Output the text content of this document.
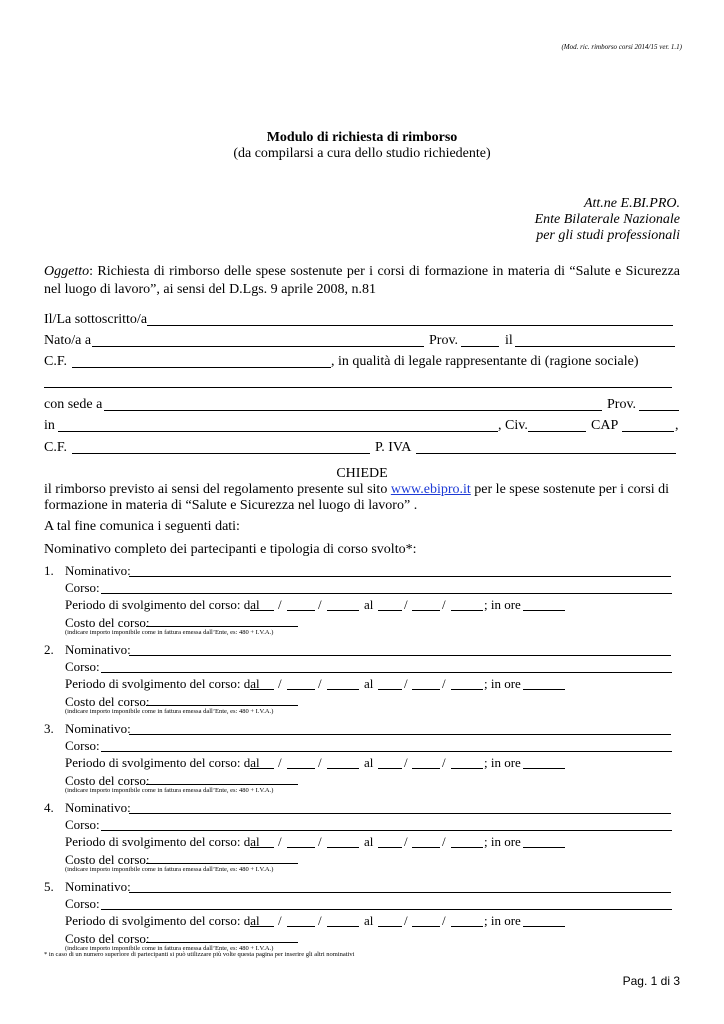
(Mod. ric. rimborso corsi 2014/15 ver. 1.1)
Modulo di richiesta di rimborso
(da compilarsi a cura dello studio richiedente)
Att.ne E.BI.PRO.
Ente Bilaterale Nazionale
per gli studi professionali
Oggetto: Richiesta di rimborso delle spese sostenute per i corsi di formazione in materia di “Salute e Sicurezza nel luogo di lavoro”, ai sensi del D.Lgs. 9 aprile 2008, n.81
Il/La sottoscritto/a
Nato/a a	Prov.	il
C.F.	, in qualità di legale rappresentante di (ragione sociale)
con sede a	Prov.
in	, Civ.	CAP	,
C.F.	P. IVA
CHIEDE
il rimborso previsto ai sensi del regolamento presente sul sito www.ebipro.it per le spese sostenute per i corsi di
formazione in materia di “Salute e Sicurezza nel luogo di lavoro” .
A tal fine comunica i seguenti dati:
Nominativo completo dei partecipanti e tipologia di corso svolto*:
1. Nominativo:
Corso:
Periodo di svolgimento del corso: dal /	/	al /	/	; in ore
Costo del corso:
(indicare importo imponibile come in fattura emessa dall’Ente, es: 480 + I.V.A.)
2. Nominativo:
Corso:
Periodo di svolgimento del corso: dal /	/	al /	/	; in ore
Costo del corso:
(indicare importo imponibile come in fattura emessa dall’Ente, es: 480 + I.V.A.)
3. Nominativo:
Corso:
Periodo di svolgimento del corso: dal /	/	al /	/	; in ore
Costo del corso:
(indicare importo imponibile come in fattura emessa dall’Ente, es: 480 + I.V.A.)
4. Nominativo:
Corso:
Periodo di svolgimento del corso: dal /	/	al /	/	; in ore
Costo del corso:
(indicare importo imponibile come in fattura emessa dall’Ente, es: 480 + I.V.A.)
5. Nominativo:
Corso:
Periodo di svolgimento del corso: dal /	/	al /	/	; in ore
Costo del corso:
(indicare importo imponibile come in fattura emessa dall’Ente, es: 480 + I.V.A.)
* in caso di un numero superiore di partecipanti si può utilizzare più volte questa pagina per inserire gli altri nominativi
Pag. 1 di 3
